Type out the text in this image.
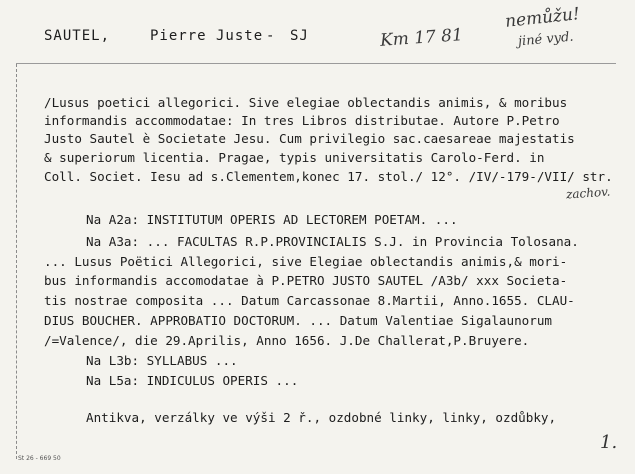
SAUTEL,	Pierre Juste - SJ	Km 17 81
nemůžu!
jiné vyd.
/Lusus poetici allegorici. Sive elegiae oblectandis animis, & moribus
informandis accommodatae: In tres Libros distributae. Autore P.Petro
Justo Sautel è Societate Jesu. Cum privilegio sac.caesareae majestatis
& superiorum licentia. Pragae, typis universitatis Carolo-Ferd. in
Coll. Societ. Iesu ad s.Clementem,konec 17. stol./ 12°. /IV/-179-/VII/ str.
zachov.
Na A2a: INSTITUTUM OPERIS AD LECTOREM POETAM. ...
Na A3a: ... FACULTAS R.P.PROVINCIALIS S.J. in Provincia Tolosana.
... Lusus Poëtici Allegorici, sive Elegiae oblectandis animis,& mori-
bus informandis accomodatae à P.PETRO JUSTO SAUTEL /A3b/ xxx Societa-
tis nostrae composita ... Datum Carcassonae 8.Martii, Anno.1655. CLAU-
DIUS BOUCHER. APPROBATIO DOCTORUM. ... Datum Valentiae Sigalaunorum
/=Valence/, die 29.Aprilis, Anno 1656. J.De Challerat,P.Bruyere.
Na L3b: SYLLABUS ...
Na L5a: INDICULUS OPERIS ...
Antikva, verzálky ve výši 2 ř., ozdobné linky, linky, ozdůbky,
St 26 - 669 50
1.
